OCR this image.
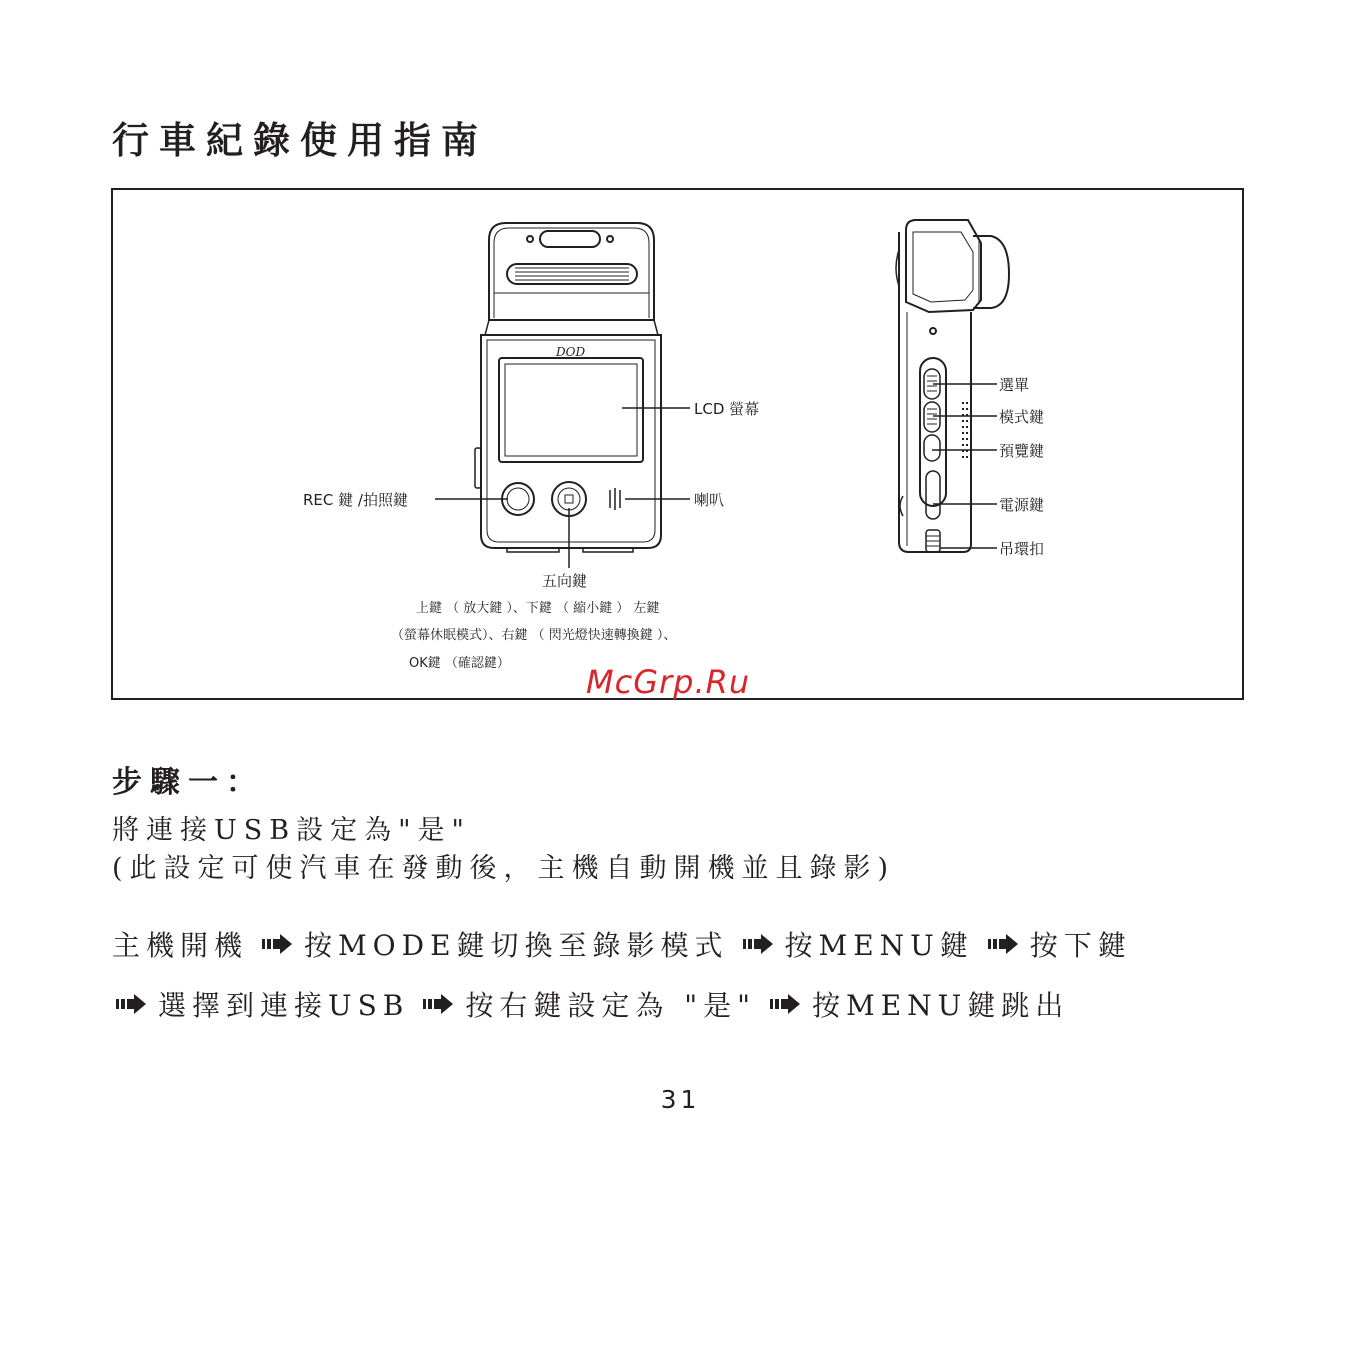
行車紀錄使用指南
DOD
LCD 螢幕
REC 鍵 /拍照鍵	喇叭
五向鍵
上鍵 （ 放大鍵 ）、下鍵 （ 縮小鍵 ） 左鍵
（螢幕休眠模式）、右鍵 （ 閃光燈快速轉換鍵 ）、
OK鍵 （確認鍵）
選單
模式鍵
預覽鍵
電源鍵
吊環扣
McGrp.Ru
步驟一：
將連接USB設定為"是"
(此設定可使汽車在發動後，主機自動開機並且錄影)
主機開機 按MODE鍵切換至錄影模式 按MENU鍵 按下鍵
選擇到連接USB 按右鍵設定為 "是" 按MENU鍵跳出
31
